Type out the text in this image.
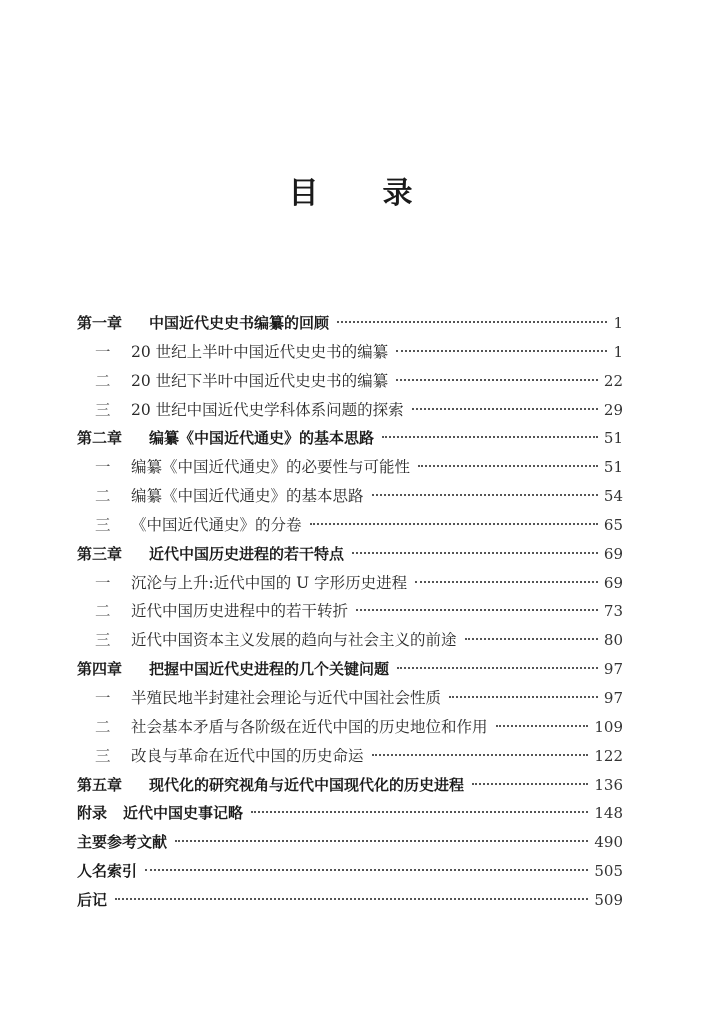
目 录
第一章	中国近代史史书编纂的回顾	1
一	20 世纪上半叶中国近代史史书的编纂	1
二	20 世纪下半叶中国近代史史书的编纂	22
三	20 世纪中国近代史学科体系问题的探索	29
第二章	编纂《中国近代通史》的基本思路	51
一	编纂《中国近代通史》的必要性与可能性	51
二	编纂《中国近代通史》的基本思路	54
三	《中国近代通史》的分卷	65
第三章	近代中国历史进程的若干特点	69
一	沉沦与上升:近代中国的 U 字形历史进程	69
二	近代中国历史进程中的若干转折	73
三	近代中国资本主义发展的趋向与社会主义的前途	80
第四章	把握中国近代史进程的几个关键问题	97
一	半殖民地半封建社会理论与近代中国社会性质	97
二	社会基本矛盾与各阶级在近代中国的历史地位和作用	109
三	改良与革命在近代中国的历史命运	122
第五章	现代化的研究视角与近代中国现代化的历史进程	136
附录	近代中国史事记略	148
主要参考文献	490
人名索引	505
后记	509
